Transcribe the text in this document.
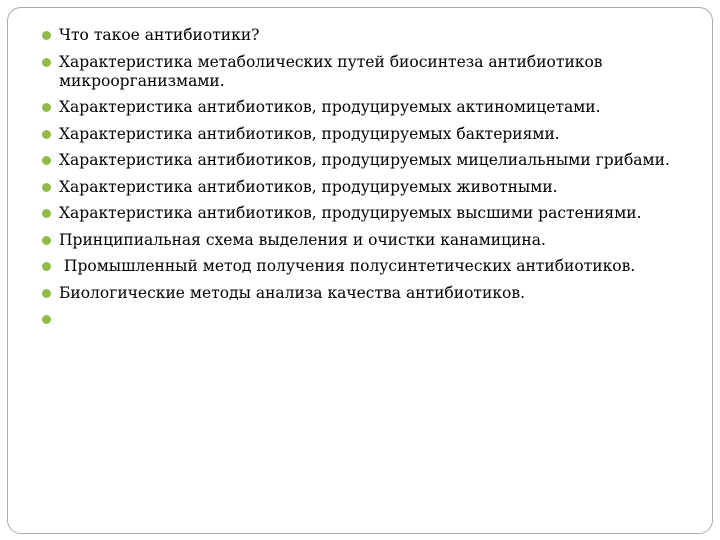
Что такое антибиотики?
Характеристика метаболических путей биосинтеза антибиотиков микроорганизмами.
Характеристика антибиотиков, продуцируемых актиномицетами.
Характеристика антибиотиков, продуцируемых бактериями.
Характеристика антибиотиков, продуцируемых мицелиальными грибами.
Характеристика антибиотиков, продуцируемых животными.
Характеристика антибиотиков, продуцируемых высшими растениями.
Принципиальная схема выделения и очистки канамицина.
Промышленный метод получения полусинтетических антибиотиков.
Биологические методы анализа качества антибиотиков.
